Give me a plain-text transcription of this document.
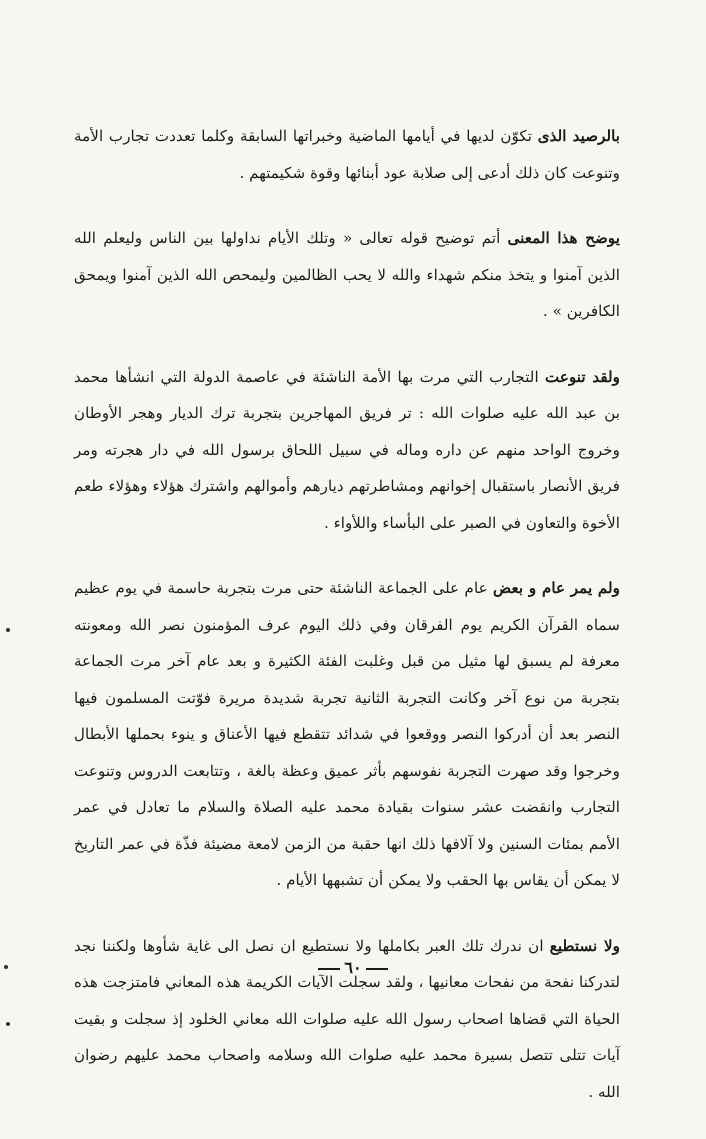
بالرصيد الذى تكوّن لديها في أيامها الماضية وخبراتها السابقة وكلما تعددت تجارب الأمة وتنوعت كان ذلك أدعى إلى صلابة عود أبنائها وقوة شكيمتهم .

يوضح هذا المعنى أتم توضيح قوله تعالى « وتلك الأيام نداولها بين الناس وليعلم الله الذين آمنوا و يتخذ منكم شهداء والله لا يحب الظالمين وليمحص الله الذين آمنوا ويمحق الكافرين » .

ولقد تنوعت التجارب التي مرت بها الأمة الناشئة في عاصمة الدولة التي انشأها محمد بن عبد الله عليه صلوات الله : تر فريق المهاجرين بتجربة ترك الديار وهجر الأوطان وخروج الواحد منهم عن داره وماله في سبيل اللحاق برسول الله في دار هجرته ومر فريق الأنصار باستقبال إخوانهم ومشاطرتهم ديارهم وأموالهم واشترك هؤلاء وهؤلاء طعم الأخوة والتعاون في الصبر على البأساء واللأواء .

ولم يمر عام و بعض عام على الجماعة الناشئة حتى مرت بتجربة حاسمة في يوم عظيم سماه القرآن الكريم يوم الفرقان وفي ذلك اليوم عرف المؤمنون نصر الله ومعونته معرفة لم يسبق لها مثيل من قبل وغلبت الفئة الكثيرة و بعد عام آخر مرت الجماعة بتجربة من نوع آخر وكانت التجربة الثانية تجربة شديدة مريرة فوّتت المسلمون فيها النصر بعد أن أدركوا النصر ووقعوا في شدائد تتقطع فيها الأعناق و ينوء بحملها الأبطال وخرجوا وقد صهرت التجربة نفوسهم بأثر عميق وعظة بالغة ، وتتابعت الدروس وتنوعت التجارب وانقضت عشر سنوات بقيادة محمد عليه الصلاة والسلام ما تعادل في عمر الأمم بمئات السنين ولا آلافها ذلك انها حقبة من الزمن لامعة مضيئة فذّة في عمر التاريخ لا يمكن أن يقاس بها الحقب ولا يمكن أن تشبهها الأيام .

ولا نستطيع ان ندرك تلك العبر بكاملها ولا نستطيع ان نصل الى غاية شأوها ولكننا نجد لتدركنا نفحة من نفحات معانيها ، ولقد سجلت الآيات الكريمة هذه المعاني فامتزجت هذه الحياة التي قضاها اصحاب رسول الله عليه صلوات الله معاني الخلود إذ سجلت و بقيت آيات تتلى تتصل بسيرة محمد عليه صلوات الله وسلامه واصحاب محمد عليهم رضوان الله .

٦٠
